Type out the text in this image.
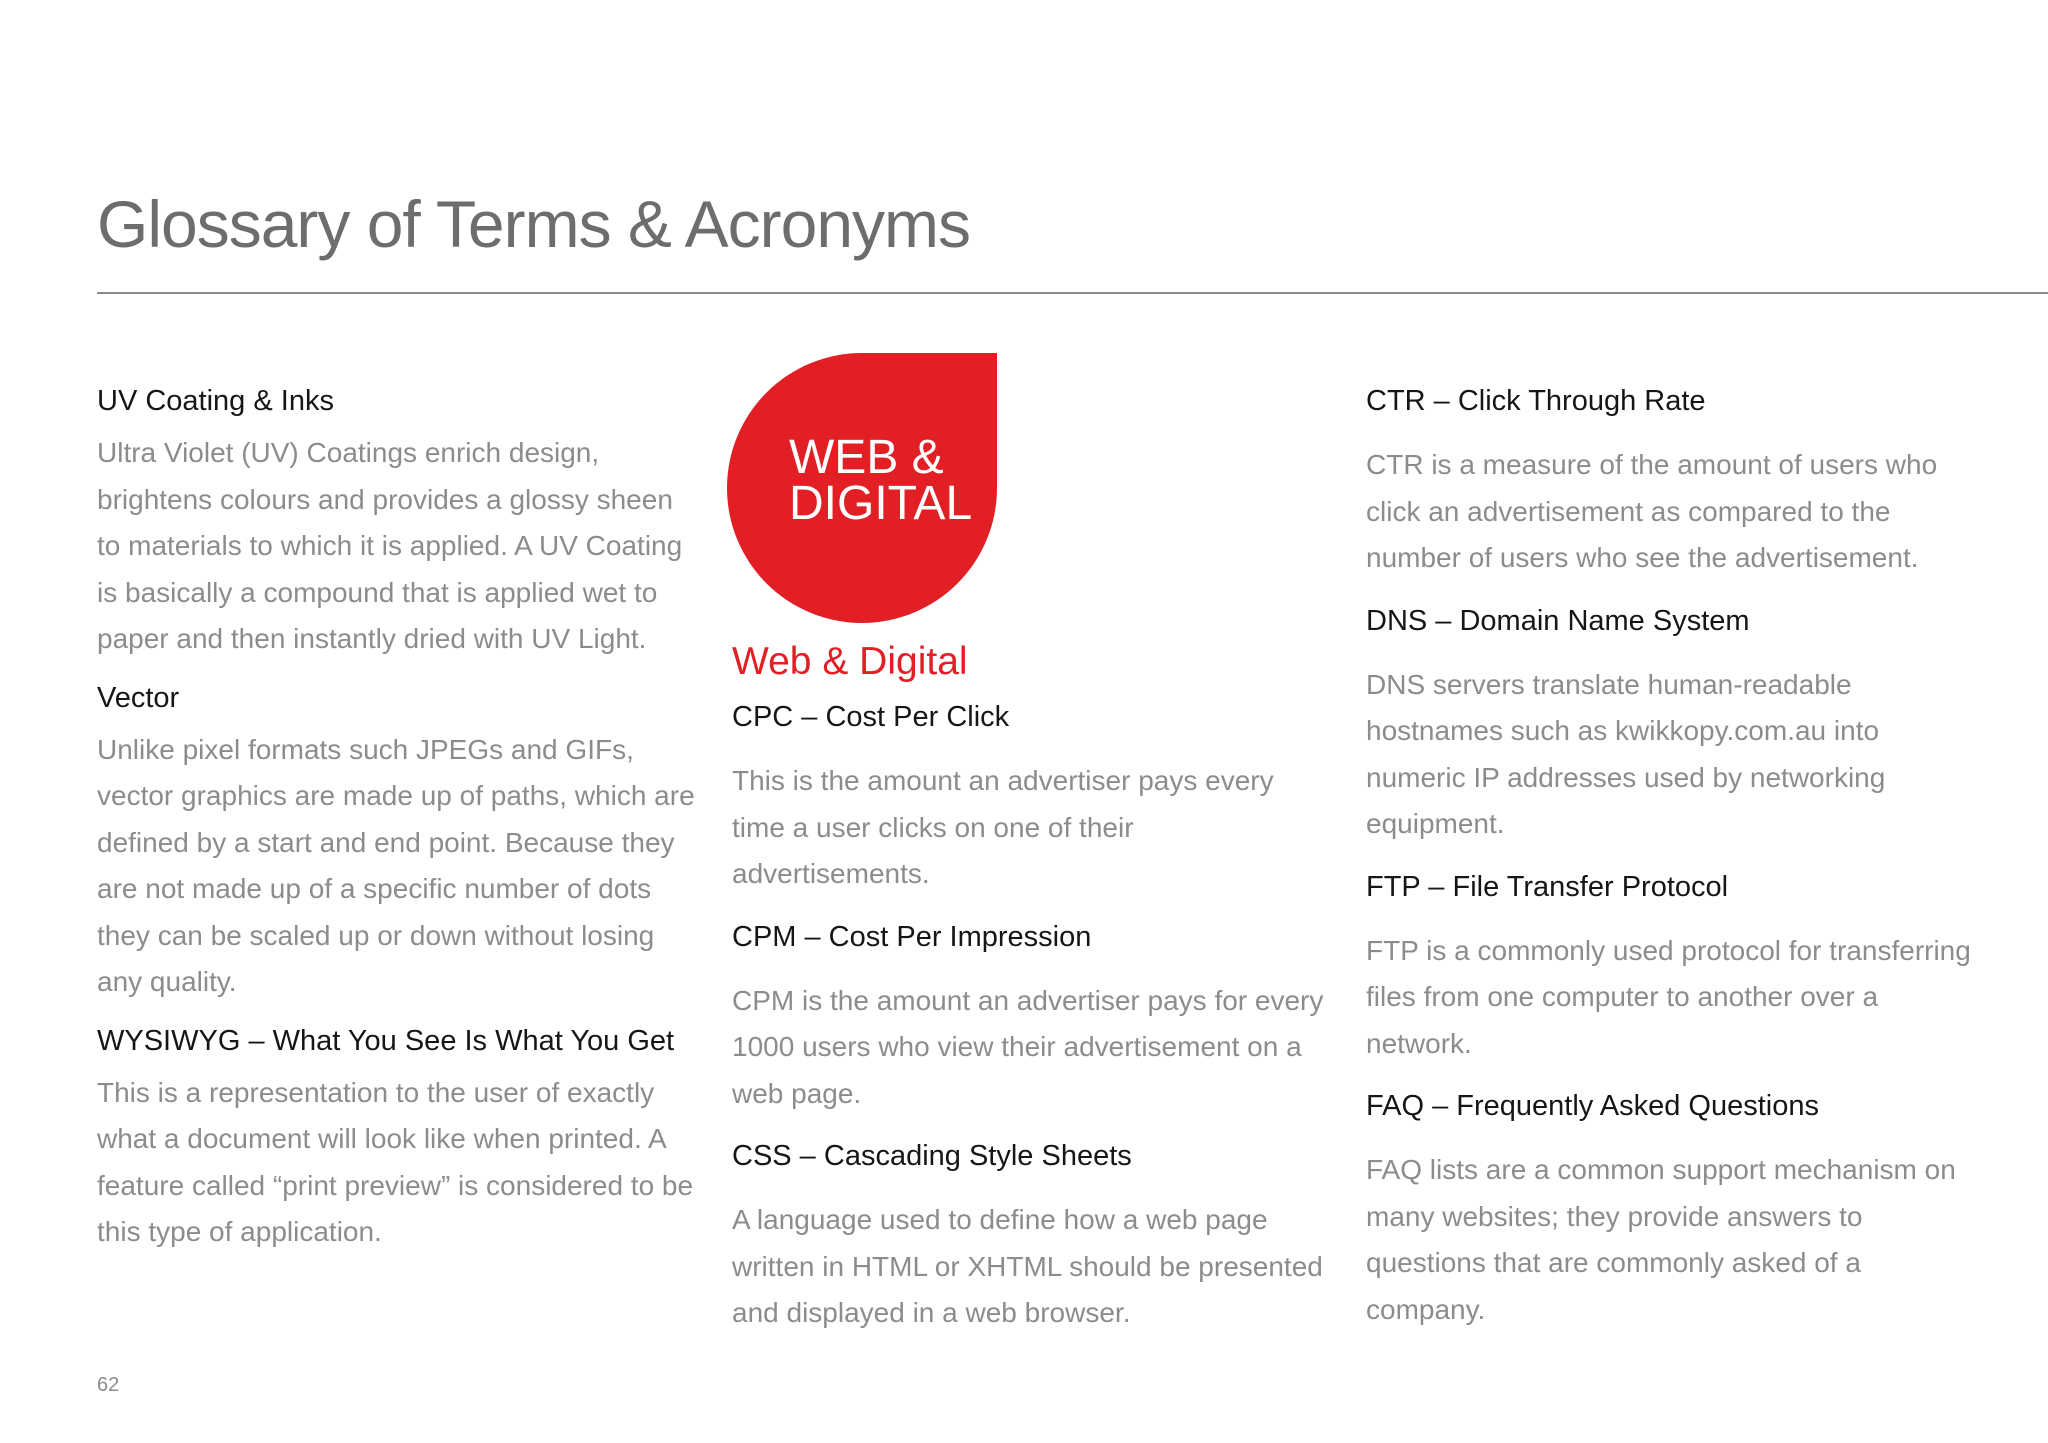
Glossary of Terms & Acronyms
UV Coating & Inks

Ultra Violet (UV) Coatings enrich design, brightens colours and provides a glossy sheen to materials to which it is applied. A UV Coating is basically a compound that is applied wet to paper and then instantly dried with UV Light.

Vector

Unlike pixel formats such JPEGs and GIFs, vector graphics are made up of paths, which are defined by a start and end point. Because they are not made up of a specific number of dots they can be scaled up or down without losing any quality.

WYSIWYG – What You See Is What You Get

This is a representation to the user of exactly what a document will look like when printed. A feature called “print preview” is considered to be this type of application.

WEB &
DIGITAL

Web & Digital
CPC – Cost Per Click

This is the amount an advertiser pays every time a user clicks on one of their advertisements.

CPM – Cost Per Impression

CPM is the amount an advertiser pays for every 1000 users who view their advertisement on a web page.

CSS – Cascading Style Sheets

A language used to define how a web page written in HTML or XHTML should be presented and displayed in a web browser.

CTR – Click Through Rate

CTR is a measure of the amount of users who click an advertisement as compared to the number of users who see the advertisement.

DNS – Domain Name System

DNS servers translate human-readable hostnames such as kwikkopy.com.au into numeric IP addresses used by networking equipment.

FTP – File Transfer Protocol

FTP is a commonly used protocol for transferring files from one computer to another over a network.

FAQ – Frequently Asked Questions

FAQ lists are a common support mechanism on many websites; they provide answers to questions that are commonly asked of a company.

62
